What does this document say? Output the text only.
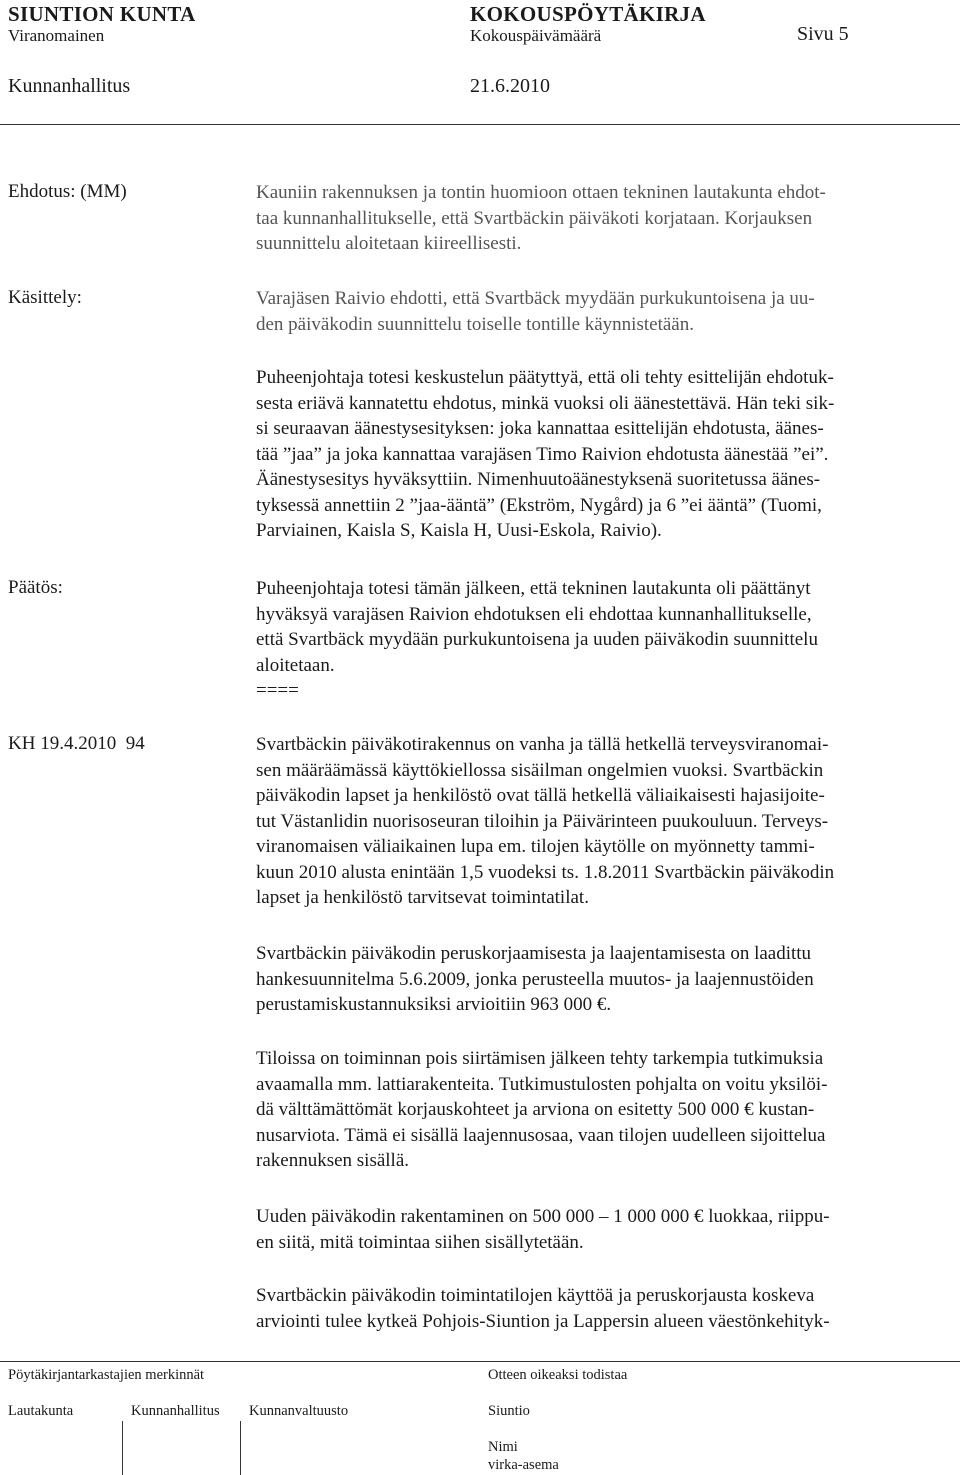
SIUNTION KUNTA	KOKOUSPÖYTÄKIRJA
Viranomainen	Kokouspäivämäärä	Sivu 5
Kunnanhallitus	21.6.2010
Ehdotus: (MM)	Kauniin rakennuksen ja tontin huomioon ottaen tekninen lautakunta ehdot-
taa kunnanhallitukselle, että Svartbäckin päiväkoti korjataan. Korjauksen
suunnittelu aloitetaan kiireellisesti.
Käsittely:	Varajäsen Raivio ehdotti, että Svartbäck myydään purkukuntoisena ja uu-
den päiväkodin suunnittelu toiselle tontille käynnistetään.
Puheenjohtaja totesi keskustelun päätyttyä, että oli tehty esittelijän ehdotuk-
sesta eriävä kannatettu ehdotus, minkä vuoksi oli äänestettävä. Hän teki sik-
si seuraavan äänestysesityksen: joka kannattaa esittelijän ehdotusta, äänes-
tää ”jaa” ja joka kannattaa varajäsen Timo Raivion ehdotusta äänestää ”ei”.
Äänestysesitys hyväksyttiin. Nimenhuutoäänestyksenä suoritetussa äänes-
tyksessä annettiin 2 ”jaa-ääntä” (Ekström, Nygård) ja 6 ”ei ääntä” (Tuomi,
Parviainen, Kaisla S, Kaisla H, Uusi-Eskola, Raivio).
Päätös:	Puheenjohtaja totesi tämän jälkeen, että tekninen lautakunta oli päättänyt
hyväksyä varajäsen Raivion ehdotuksen eli ehdottaa kunnanhallitukselle,
että Svartbäck myydään purkukuntoisena ja uuden päiväkodin suunnittelu
aloitetaan.
====
KH 19.4.2010  94	Svartbäckin päiväkotirakennus on vanha ja tällä hetkellä terveysviranomai-
sen määräämässä käyttökiellossa sisäilman ongelmien vuoksi. Svartbäckin
päiväkodin lapset ja henkilöstö ovat tällä hetkellä väliaikaisesti hajasijoite-
tut Västanlidin nuorisoseuran tiloihin ja Päivärinteen puukouluun. Terveys-
viranomaisen väliaikainen lupa em. tilojen käytölle on myönnetty tammi-
kuun 2010 alusta enintään 1,5 vuodeksi ts. 1.8.2011 Svartbäckin päiväkodin
lapset ja henkilöstö tarvitsevat toimintatilat.
Svartbäckin päiväkodin peruskorjaamisesta ja laajentamisesta on laadittu
hankesuunnitelma 5.6.2009, jonka perusteella muutos- ja laajennustöiden
perustamiskustannuksiksi arvioitiin 963 000 €.
Tiloissa on toiminnan pois siirtämisen jälkeen tehty tarkempia tutkimuksia
avaamalla mm. lattiarakenteita. Tutkimustulosten pohjalta on voitu yksilöi-
dä välttämättömät korjauskohteet ja arviona on esitetty 500 000 € kustan-
nusarviota. Tämä ei sisällä laajennusosaa, vaan tilojen uudelleen sijoittelua
rakennuksen sisällä.
Uuden päiväkodin rakentaminen on 500 000 – 1 000 000 € luokkaa, riippu-
en siitä, mitä toimintaa siihen sisällytetään.
Svartbäckin päiväkodin toimintatilojen käyttöä ja peruskorjausta koskeva
arviointi tulee kytkeä Pohjois-Siuntion ja Lappersin alueen väestönkehityk-
Pöytäkirjantarkastajien merkinnät	Otteen oikeaksi todistaa
Lautakunta	Kunnanhallitus Kunnanvaltuusto	Siuntio
Nimi
virka-asema
